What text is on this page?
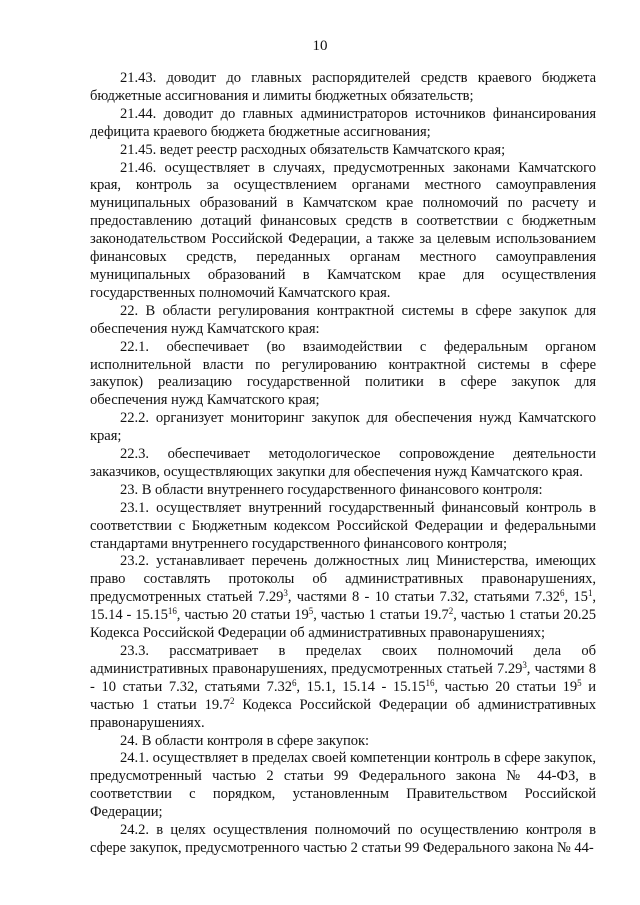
10

21.43. доводит до главных распорядителей средств краевого бюджета бюджетные ассигнования и лимиты бюджетных обязательств;

21.44. доводит до главных администраторов источников финансирования дефицита краевого бюджета бюджетные ассигнования;

21.45. ведет реестр расходных обязательств Камчатского края;

21.46. осуществляет в случаях, предусмотренных законами Камчатского края, контроль за осуществлением органами местного самоуправления муниципальных образований в Камчатском крае полномочий по расчету и предоставлению дотаций финансовых средств в соответствии с бюджетным законодательством Российской Федерации, а также за целевым использованием финансовых средств, переданных органам местного самоуправления муниципальных образований в Камчатском крае для осуществления государственных полномочий Камчатского края.

22. В области регулирования контрактной системы в сфере закупок для обеспечения нужд Камчатского края:

22.1. обеспечивает (во взаимодействии с федеральным органом исполнительной власти по регулированию контрактной системы в сфере закупок) реализацию государственной политики в сфере закупок для обеспечения нужд Камчатского края;

22.2. организует мониторинг закупок для обеспечения нужд Камчатского края;

22.3. обеспечивает методологическое сопровождение деятельности заказчиков, осуществляющих закупки для обеспечения нужд Камчатского края.

23. В области внутреннего государственного финансового контроля:

23.1. осуществляет внутренний государственный финансовый контроль в соответствии с Бюджетным кодексом Российской Федерации и федеральными стандартами внутреннего государственного финансового контроля;

23.2. устанавливает перечень должностных лиц Министерства, имеющих право составлять протоколы об административных правонарушениях, предусмотренных статьей 7.29$^3$, частями 8 - 10 статьи 7.32, статьями 7.32$^6$, $15^1$, 15.14 - 15.15$^{16}$, частью 20 статьи $19^5$, частью 1 статьи 19.7$^2$, частью 1 статьи 20.25 Кодекса Российской Федерации об административных правонарушениях;

23.3. рассматривает в пределах своих полномочий дела об административных правонарушениях, предусмотренных статьей 7.29$^3$, частями 8 - 10 статьи 7.32, статьями 7.32$^6$, 15.1, 15.14 - 15.15$^{16}$, частью 20 статьи $19^5$ и частью 1 статьи 19.7$^2$ Кодекса Российской Федерации об административных правонарушениях.

24. В области контроля в сфере закупок:

24.1. осуществляет в пределах своей компетенции контроль в сфере закупок, предусмотренный частью 2 статьи 99 Федерального закона № 44-ФЗ, в соответствии с порядком, установленным Правительством Российской Федерации;

24.2. в целях осуществления полномочий по осуществлению контроля в сфере закупок, предусмотренного частью 2 статьи 99 Федерального закона № 44-
